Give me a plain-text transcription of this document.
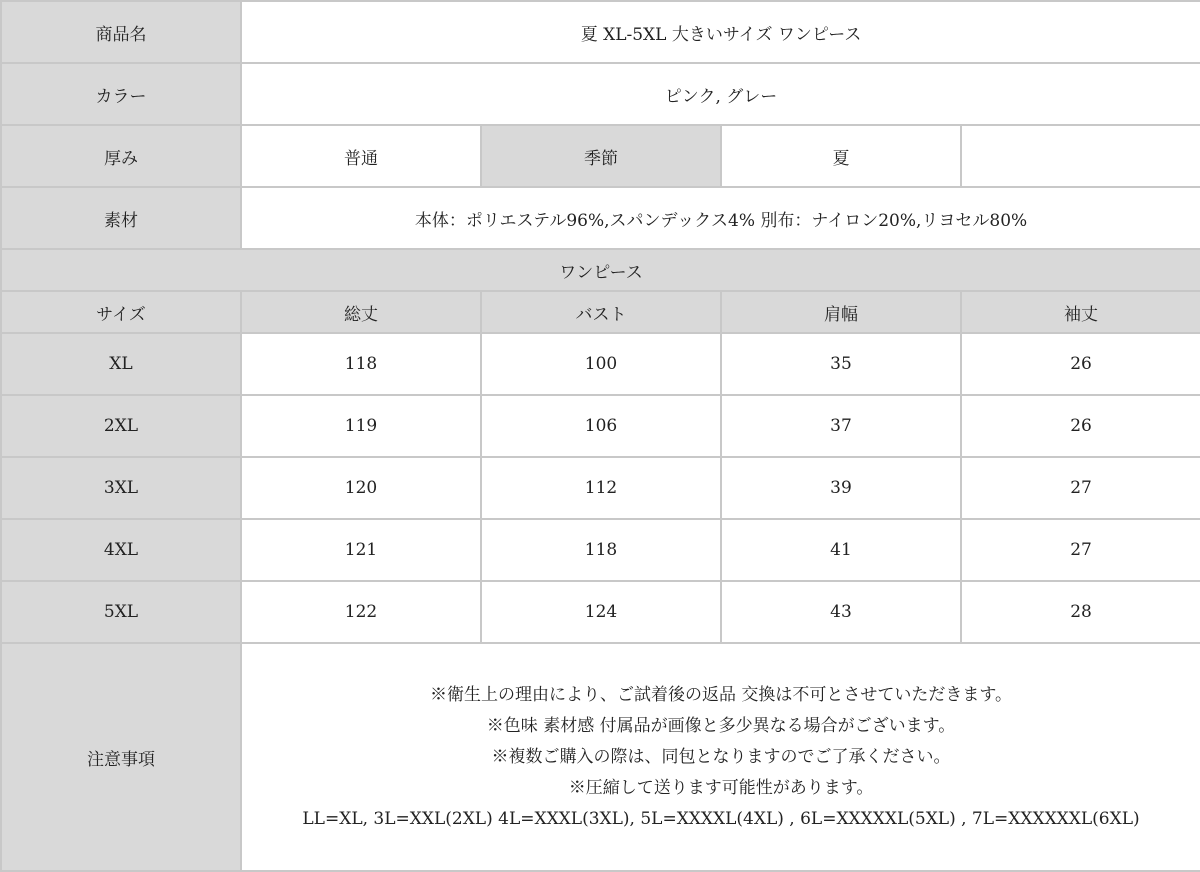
商品名	夏 XL-5XL 大きいサイズ ワンピース			
カラー	ピンク, グレー			
厚み	普通	季節	夏	
素材	本体：ポリエステル96%,スパンデックス4% 別布：ナイロン20%,リヨセル80%			
ワンピース				
サイズ	総丈	バスト	肩幅	袖丈
XL	118	100	35	26
2XL	119	106	37	26
3XL	120	112	39	27
4XL	121	118	41	27
5XL	122	124	43	28
注意事項	※衛生上の理由により、ご試着後の返品 交換は不可とさせていただきます。
※色味 素材感 付属品が画像と多少異なる場合がございます。
※複数ご購入の際は、同包となりますのでご了承ください。
※圧縮して送ります可能性があります。
LL=XL, 3L=XXL(2XL) 4L=XXXL(3XL), 5L=XXXXL(4XL) , 6L=XXXXXL(5XL) , 7L=XXXXXXL(6XL)			
